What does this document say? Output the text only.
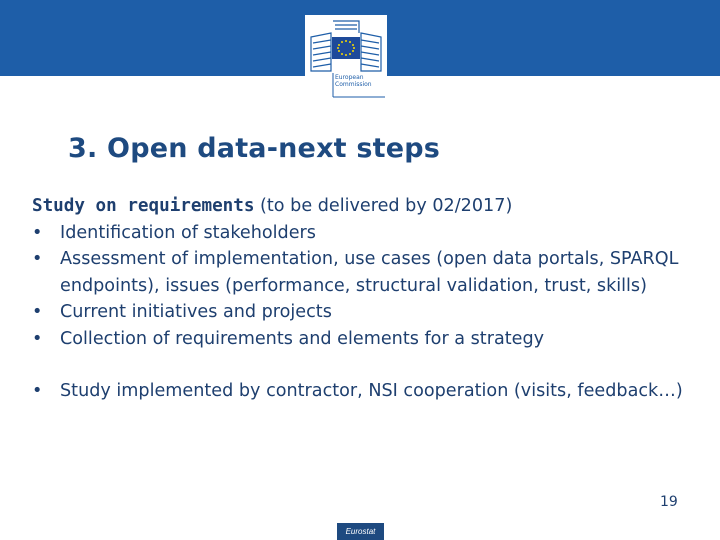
European
Commission
3. Open data-next steps

Study on requirements (to be delivered by 02/2017)

• Identification of stakeholders
• Assessment of implementation, use cases (open data portals, SPARQL endpoints), issues (performance, structural validation, trust, skills)
• Current initiatives and projects
• Collection of requirements and elements for a strategy
• Study implemented by contractor, NSI cooperation (visits, feedback…)
19
Eurostat
